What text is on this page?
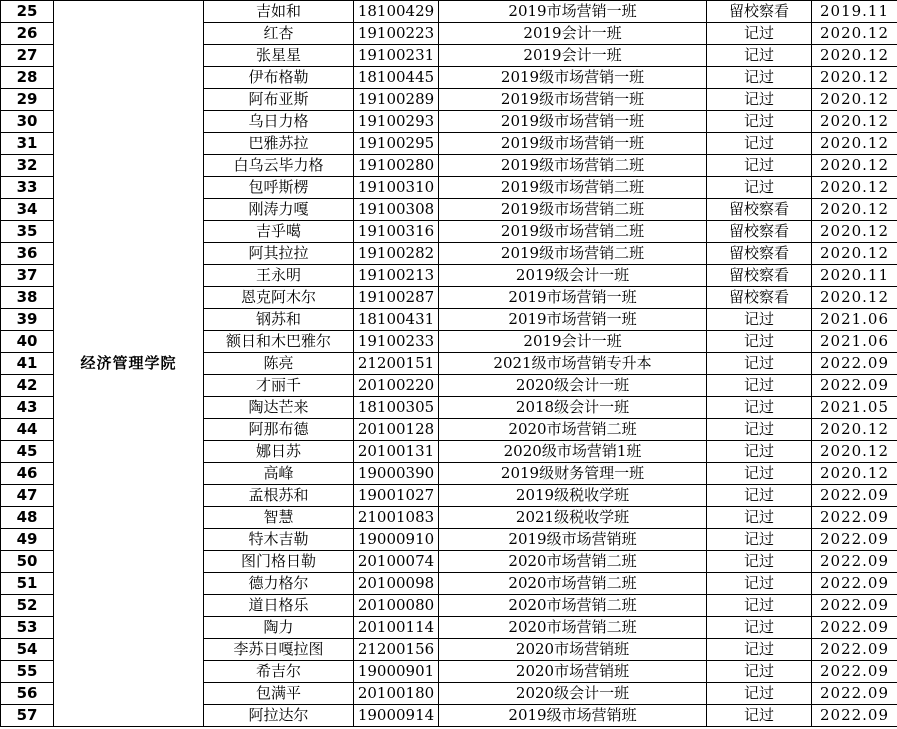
25	经济管理学院	吉如和	18100429	2019市场营销一班	留校察看	2019.11
26		红杏	19100223	2019会计一班	记过	2020.12
27		张星星	19100231	2019会计一班	记过	2020.12
28		伊布格勒	18100445	2019级市场营销一班	记过	2020.12
29		阿布亚斯	19100289	2019级市场营销一班	记过	2020.12
30		乌日力格	19100293	2019级市场营销一班	记过	2020.12
31		巴雅苏拉	19100295	2019级市场营销一班	记过	2020.12
32		白乌云毕力格	19100280	2019级市场营销二班	记过	2020.12
33		包呼斯楞	19100310	2019级市场营销二班	记过	2020.12
34		刚涛力嘎	19100308	2019级市场营销二班	留校察看	2020.12
35		吉乎噶	19100316	2019级市场营销二班	留校察看	2020.12
36		阿其拉拉	19100282	2019级市场营销二班	留校察看	2020.12
37		王永明	19100213	2019级会计一班	留校察看	2020.11
38		恩克阿木尔	19100287	2019市场营销一班	留校察看	2020.12
39		钢苏和	18100431	2019市场营销一班	记过	2021.06
40		额日和木巴雅尔	19100233	2019会计一班	记过	2021.06
41		陈亮	21200151	2021级市场营销专升本	记过	2022.09
42		才丽千	20100220	2020级会计一班	记过	2022.09
43		陶达芒来	18100305	2018级会计一班	记过	2021.05
44		阿那布德	20100128	2020市场营销二班	记过	2020.12
45		娜日苏	20100131	2020级市场营销1班	记过	2020.12
46		高峰	19000390	2019级财务管理一班	记过	2020.12
47		孟根苏和	19001027	2019级税收学班	记过	2022.09
48		智慧	21001083	2021级税收学班	记过	2022.09
49		特木吉勒	19000910	2019级市场营销班	记过	2022.09
50		图门格日勒	20100074	2020市场营销二班	记过	2022.09
51		德力格尔	20100098	2020市场营销二班	记过	2022.09
52		道日格乐	20100080	2020市场营销二班	记过	2022.09
53		陶力	20100114	2020市场营销二班	记过	2022.09
54		李苏日嘎拉图	21200156	2020市场营销班	记过	2022.09
55		希吉尔	19000901	2020市场营销班	记过	2022.09
56		包满平	20100180	2020级会计一班	记过	2022.09
57		阿拉达尔	19000914	2019级市场营销班	记过	2022.09
